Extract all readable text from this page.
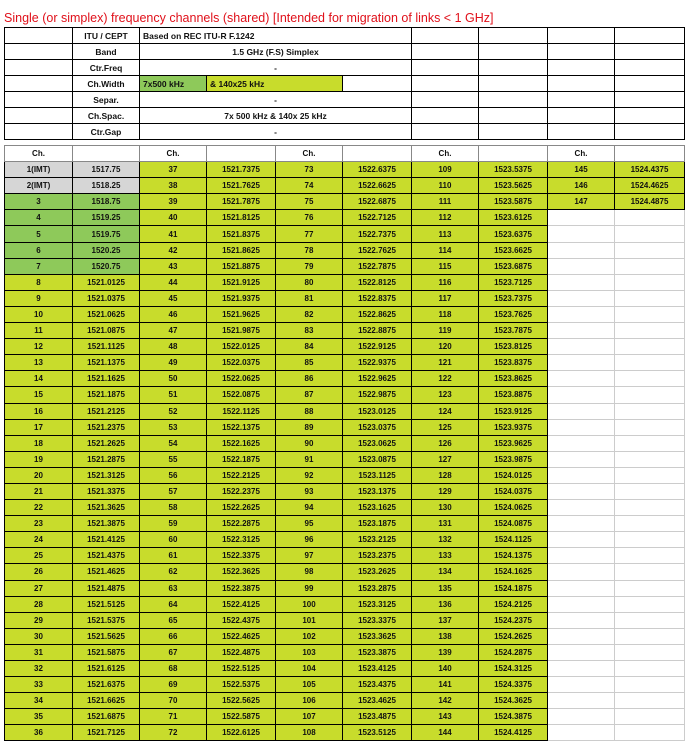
Single (or simplex) frequency channels (shared) [Intended for migration of links < 1 GHz]
	ITU / CEPT	Based on REC ITU-R F.1242						
	Band	1.5 GHz (F.S) Simplex						
	Ctr.Freq	-						
	Ch.Width	7x500 kHz	& 140x25 kHz					
	Separ.	-						
	Ch.Spac.	7x 500 kHz & 140x 25 kHz						
	Ctr.Gap	-						
Ch.		Ch.		Ch.		Ch.		Ch.	
1(IMT)	1517.75	37	1521.7375	73	1522.6375	109	1523.5375	145	1524.4375
2(IMT)	1518.25	38	1521.7625	74	1522.6625	110	1523.5625	146	1524.4625
3	1518.75	39	1521.7875	75	1522.6875	111	1523.5875	147	1524.4875
4	1519.25	40	1521.8125	76	1522.7125	112	1523.6125		
5	1519.75	41	1521.8375	77	1522.7375	113	1523.6375		
6	1520.25	42	1521.8625	78	1522.7625	114	1523.6625		
7	1520.75	43	1521.8875	79	1522.7875	115	1523.6875		
8	1521.0125	44	1521.9125	80	1522.8125	116	1523.7125		
9	1521.0375	45	1521.9375	81	1522.8375	117	1523.7375		
10	1521.0625	46	1521.9625	82	1522.8625	118	1523.7625		
11	1521.0875	47	1521.9875	83	1522.8875	119	1523.7875		
12	1521.1125	48	1522.0125	84	1522.9125	120	1523.8125		
13	1521.1375	49	1522.0375	85	1522.9375	121	1523.8375		
14	1521.1625	50	1522.0625	86	1522.9625	122	1523.8625		
15	1521.1875	51	1522.0875	87	1522.9875	123	1523.8875		
16	1521.2125	52	1522.1125	88	1523.0125	124	1523.9125		
17	1521.2375	53	1522.1375	89	1523.0375	125	1523.9375		
18	1521.2625	54	1522.1625	90	1523.0625	126	1523.9625		
19	1521.2875	55	1522.1875	91	1523.0875	127	1523.9875		
20	1521.3125	56	1522.2125	92	1523.1125	128	1524.0125		
21	1521.3375	57	1522.2375	93	1523.1375	129	1524.0375		
22	1521.3625	58	1522.2625	94	1523.1625	130	1524.0625		
23	1521.3875	59	1522.2875	95	1523.1875	131	1524.0875		
24	1521.4125	60	1522.3125	96	1523.2125	132	1524.1125		
25	1521.4375	61	1522.3375	97	1523.2375	133	1524.1375		
26	1521.4625	62	1522.3625	98	1523.2625	134	1524.1625		
27	1521.4875	63	1522.3875	99	1523.2875	135	1524.1875		
28	1521.5125	64	1522.4125	100	1523.3125	136	1524.2125		
29	1521.5375	65	1522.4375	101	1523.3375	137	1524.2375		
30	1521.5625	66	1522.4625	102	1523.3625	138	1524.2625		
31	1521.5875	67	1522.4875	103	1523.3875	139	1524.2875		
32	1521.6125	68	1522.5125	104	1523.4125	140	1524.3125		
33	1521.6375	69	1522.5375	105	1523.4375	141	1524.3375		
34	1521.6625	70	1522.5625	106	1523.4625	142	1524.3625		
35	1521.6875	71	1522.5875	107	1523.4875	143	1524.3875		
36	1521.7125	72	1522.6125	108	1523.5125	144	1524.4125		
